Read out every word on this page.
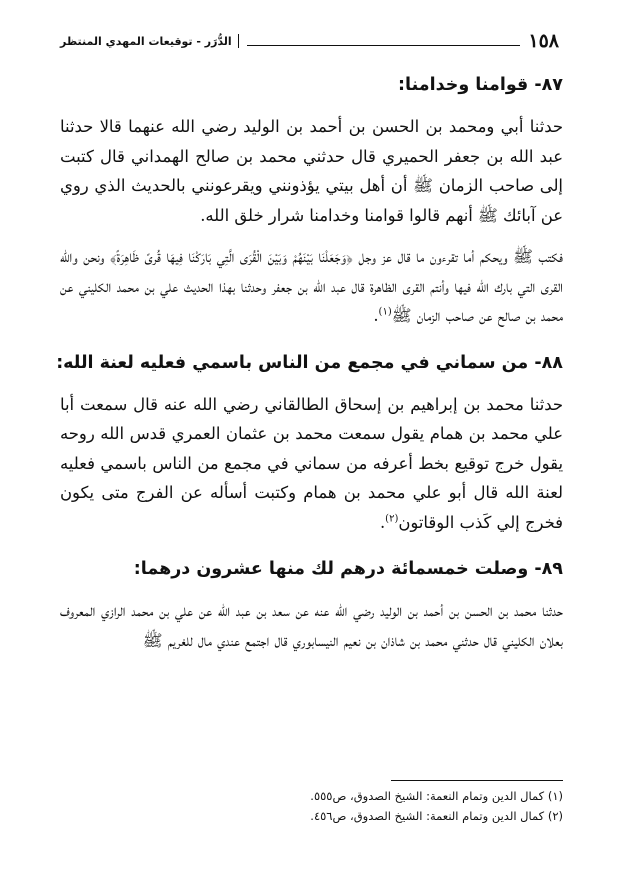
١٥٨
الدُّرَر - توقيعات المهدي المنتظر
٨٧- قوامنا وخدامنا:

حدثنا أبي ومحمد بن الحسن بن أحمد بن الوليد رضي الله عنهما قالا حدثنا عبد الله بن جعفر الحميري قال حدثني محمد بن صالح الهمداني قال كتبت إلى صاحب الزمان ﷺ أن أهل بيتي يؤذونني ويقرعونني بالحديث الذي روي عن آبائك ﷺ أنهم قالوا قوامنا وخدامنا شرار خلق الله.

فكتب ﷺ ويحكم أما تقرءون ما قال عز وجل ﴿وَجَعَلْنَا بَيْنَهُمْ وَبَيْنَ الْقُرَى الَّتِي بَارَكْنَا فِيهَا قُرىً ظَاهِرَةً﴾ ونحن والله القرى التي بارك الله فيها وأنتم القرى الظاهرة قال عبد الله بن جعفر وحدثنا بهذا الحديث علي بن محمد الكليني عن محمد بن صالح عن صاحب الزمان ﷺ$^{(١)}$.

٨٨- من سماني في مجمع من الناس باسمي فعليه لعنة الله:

حدثنا محمد بن إبراهيم بن إسحاق الطالقاني رضي الله عنه قال سمعت أبا علي محمد بن همام يقول سمعت محمد بن عثمان العمري قدس الله روحه يقول خرج توقيع بخط أعرفه من سماني في مجمع من الناس باسمي فعليه لعنة الله قال أبو علي محمد بن همام وكتبت أسأله عن الفرج متى يكون فخرج إلي كَذب الوقاتون$^{(٢)}$.

٨٩- وصلت خمسمائة درهم لك منها عشرون درهما:

حدثنا محمد بن الحسن بن أحمد بن الوليد رضي الله عنه عن سعد بن عبد الله عن علي بن محمد الرازي المعروف بعلان الكليني قال حدثني محمد بن شاذان بن نعيم النيسابوري قال اجتمع عندي مال للغريم ﷺ

(١) كمال الدين وتمام النعمة: الشيخ الصدوق، ص٥٥٥.
(٢) كمال الدين وتمام النعمة: الشيخ الصدوق، ص٤٥٦.
